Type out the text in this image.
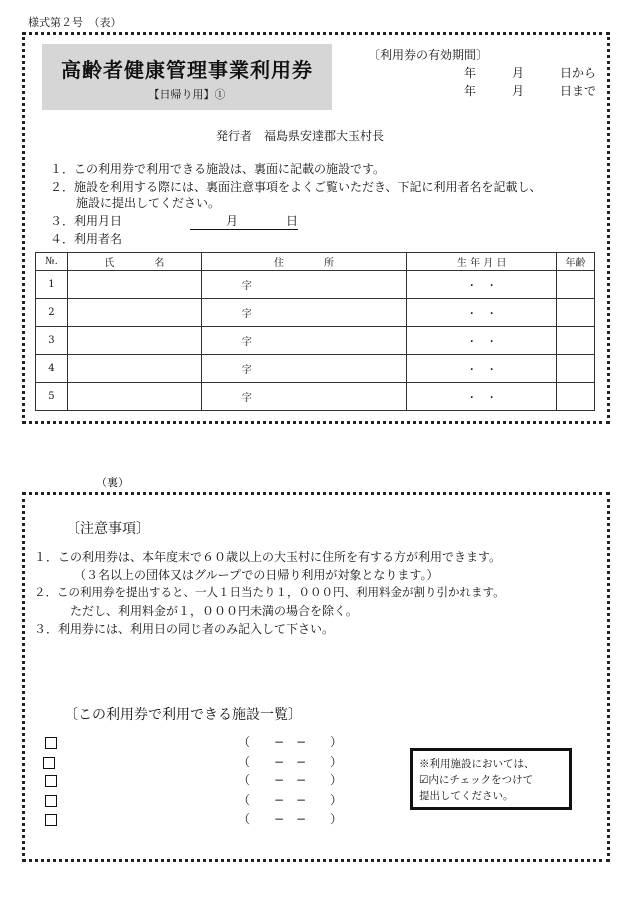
様式第２号　（表）
高齢者健康管理事業利用券
【日帰り用】①
〔利用券の有効期間〕
年　　　月　　　日から
年　　　月　　　日まで
発行者　福島県安達郡大玉村長
１．この利用券で利用できる施設は、裏面に記載の施設です。
２．施設を利用する際には、裏面注意事項をよくご覧いただき、下記に利用者名を記載し、
施設に提出してください。
３．利用月日	月　　　　日
４．利用者名
№.	氏　　　　名	住　　　　所	生 年 月 日	年齢
1		字	・　・	
2		字	・　・	
3		字	・　・	
4		字	・　・	
5		字	・　・	
（裏）
〔注意事項〕
１．この利用券は、本年度末で６０歳以上の大玉村に住所を有する方が利用できます。
（３名以上の団体又はグループでの日帰り利用が対象となります。）
２．この利用券を提出すると、一人１日当たり１，０００円、利用料金が割り引かれます。
ただし、利用料金が１，０００円未満の場合を除く。
３．利用券には、利用日の同じ者のみ記入して下さい。
〔この利用券で利用できる施設一覧〕
（　　−　−　　）
（　　−　−　　）
（　　−　−　　）
（　　−　−　　）
（　　−　−　　）
※利用施設においては、
☑内にチェックをつけて
提出してください。
